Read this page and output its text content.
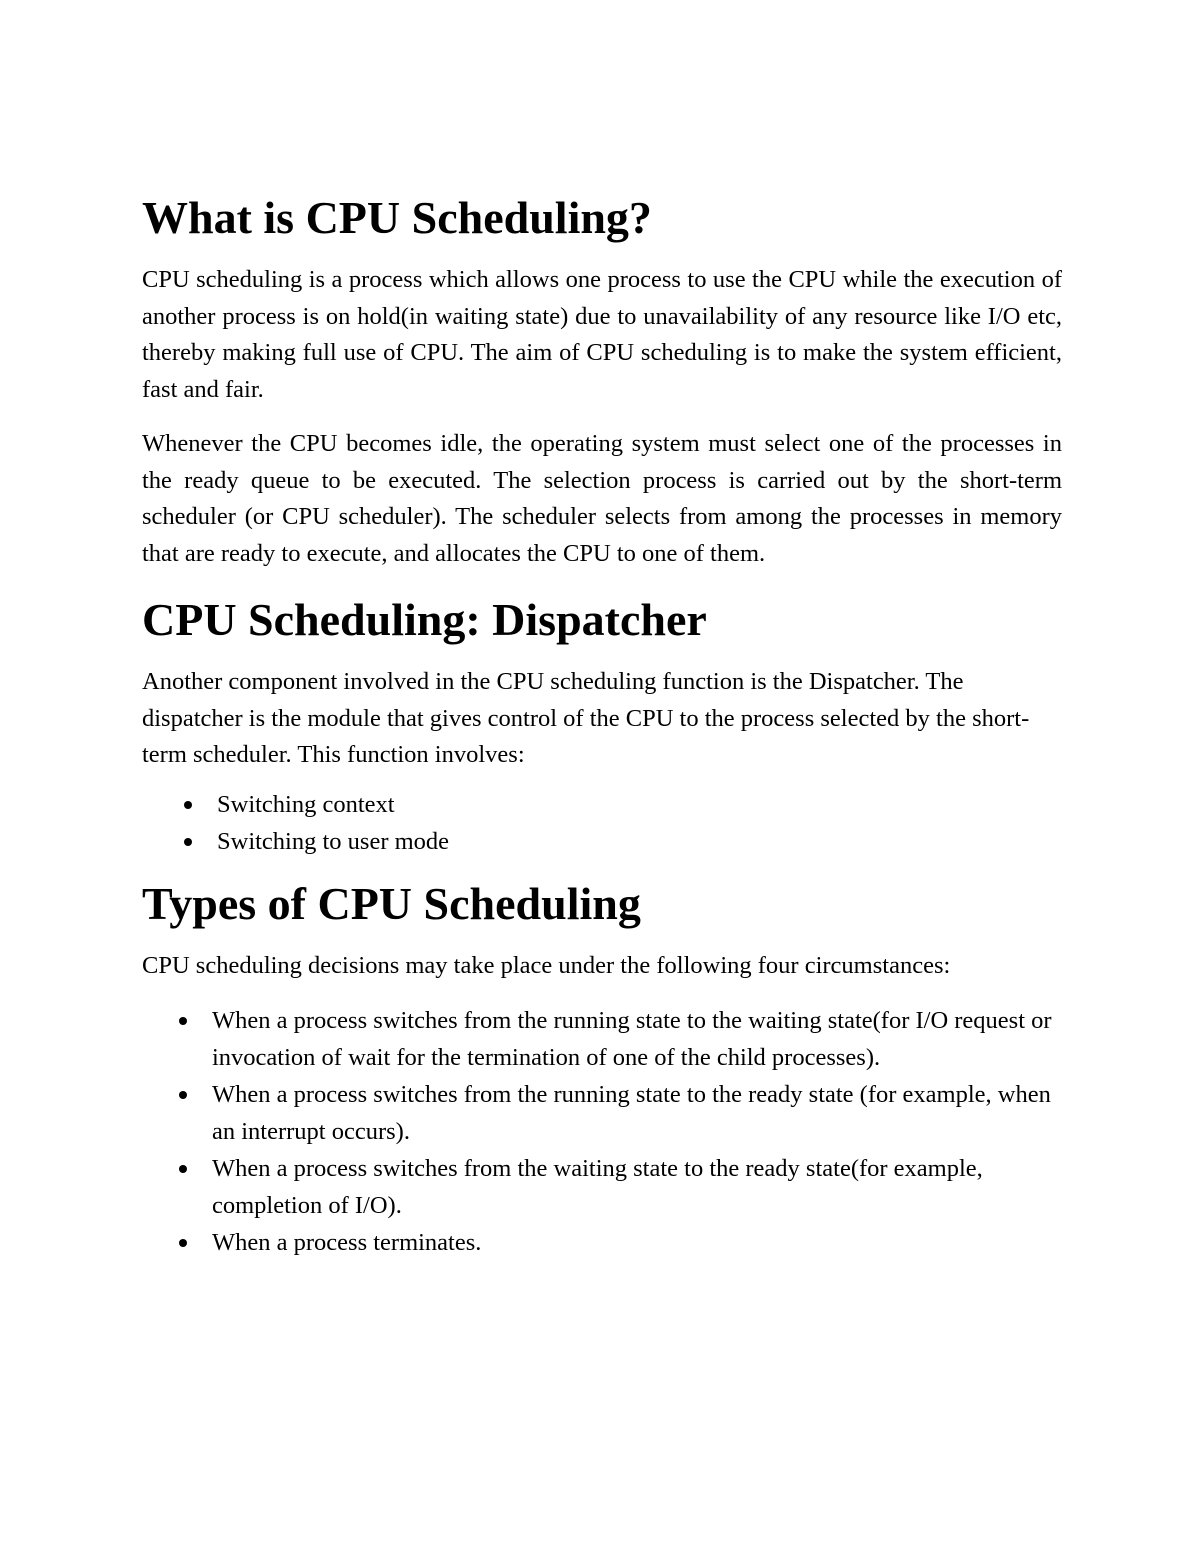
What is CPU Scheduling?

CPU scheduling is a process which allows one process to use the CPU while the execution of another process is on hold(in waiting state) due to unavailability of any resource like I/O etc, thereby making full use of CPU. The aim of CPU scheduling is to make the system efficient, fast and fair.

Whenever the CPU becomes idle, the operating system must select one of the processes in the ready queue to be executed. The selection process is carried out by the short-term scheduler (or CPU scheduler). The scheduler selects from among the processes in memory that are ready to execute, and allocates the CPU to one of them.

CPU Scheduling: Dispatcher

Another component involved in the CPU scheduling function is the Dispatcher. The dispatcher is the module that gives control of the CPU to the process selected by the short-term scheduler. This function involves:

Switching context
Switching to user mode
Types of CPU Scheduling

CPU scheduling decisions may take place under the following four circumstances:

When a process switches from the running state to the waiting state(for I/O request or invocation of wait for the termination of one of the child processes).
When a process switches from the running state to the ready state (for example, when an interrupt occurs).
When a process switches from the waiting state to the ready state(for example, completion of I/O).
When a process terminates.
